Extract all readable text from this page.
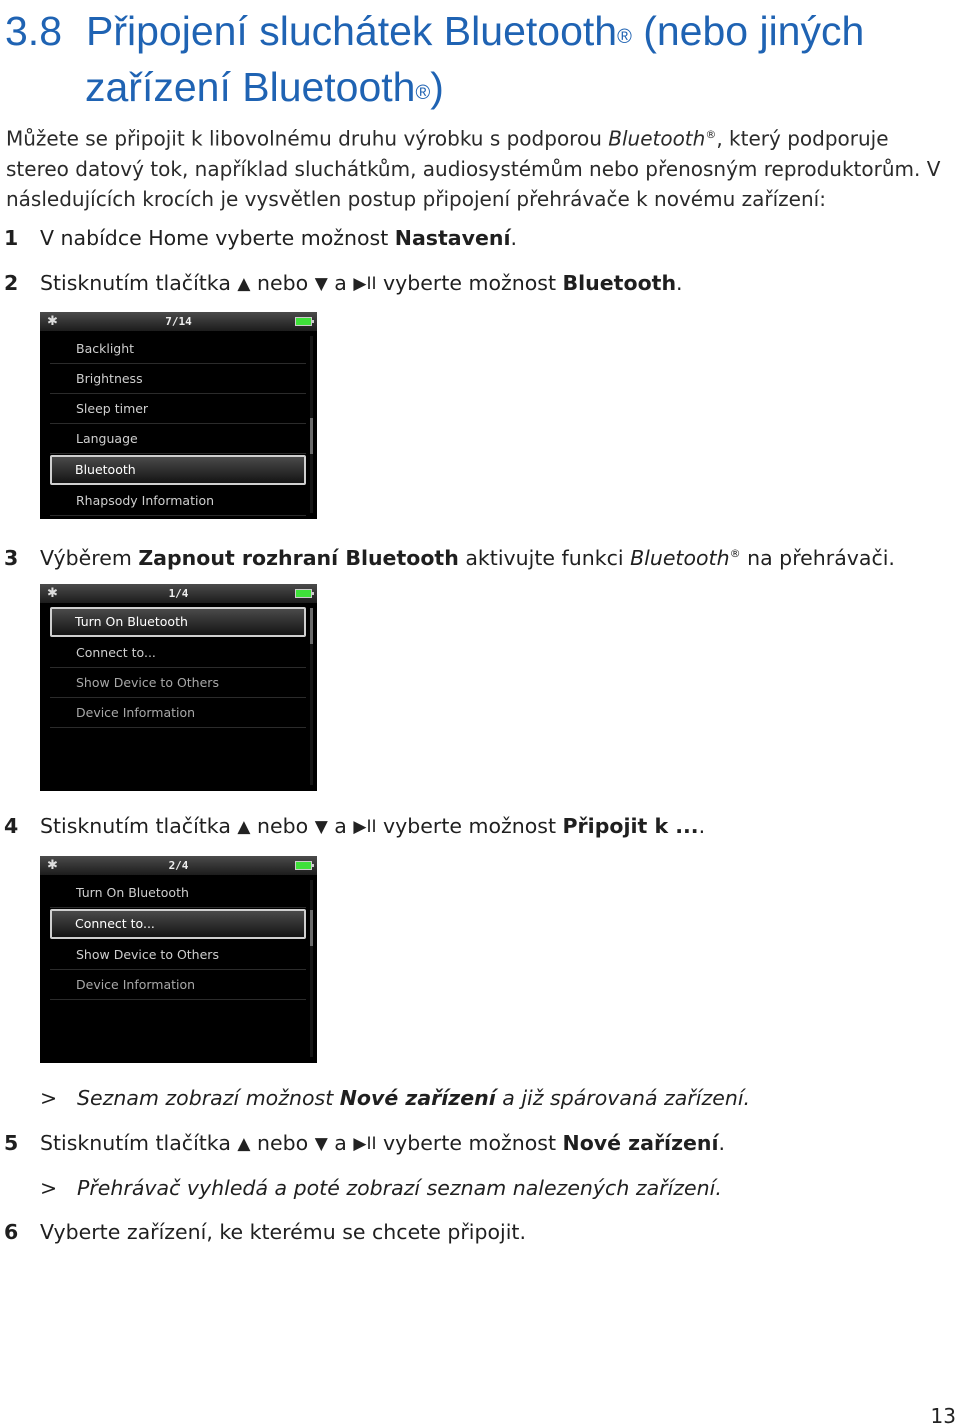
3.8 Připojení sluchátek Bluetooth® (nebo jiných
zařízení Bluetooth®)
Můžete se připojit k libovolnému druhu výrobku s podporou Bluetooth®, který podporuje stereo datový tok, například sluchátkům, audiosystémům nebo přenosným reproduktorům. V následujících krocích je vysvětlen postup připojení přehrávače k novému zařízení:
1 V nabídce Home vyberte možnost Nastavení.
2 Stisknutím tlačítka ▲ nebo ▼ a ▶II vyberte možnost Bluetooth.
✱	7/14
Backlight
Brightness
Sleep timer
Language
Bluetooth
Rhapsody Information
3 Výběrem Zapnout rozhraní Bluetooth aktivujte funkci Bluetooth® na přehrávači.
✱	1/4
Turn On Bluetooth
Connect to...
Show Device to Others
Device Information
4 Stisknutím tlačítka ▲ nebo ▼ a ▶II vyberte možnost Připojit k ....
✱	2/4
Turn On Bluetooth
Connect to...
Show Device to Others
Device Information
> Seznam zobrazí možnost Nové zařízení a již spárovaná zařízení.
5 Stisknutím tlačítka ▲ nebo ▼ a ▶II vyberte možnost Nové zařízení.
> Přehrávač vyhledá a poté zobrazí seznam nalezených zařízení.
6 Vyberte zařízení, ke kterému se chcete připojit.
13
